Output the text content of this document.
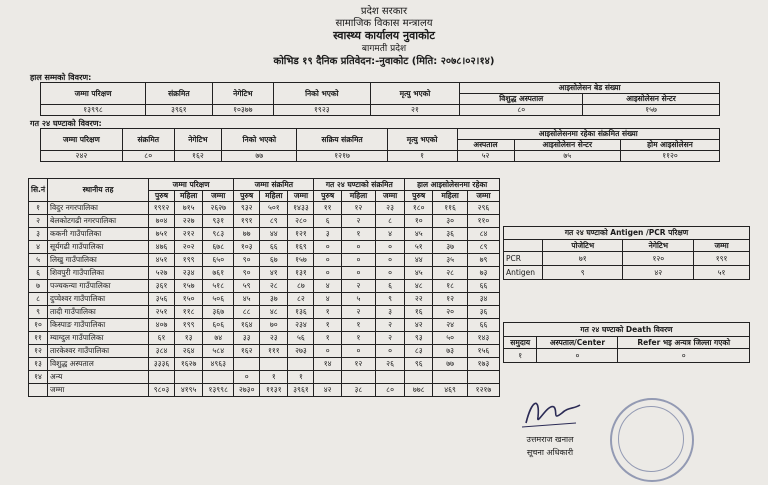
प्रदेश सरकार
सामाजिक विकास मन्त्रालय
स्वास्थ्य कार्यालय नुवाकोट
बागमती प्रदेश
कोभिड १९ दैनिक प्रतिवेदन:-नुवाकोट (मिति: २०७८।०२।१४)
हाल सम्मको विवरण:
जम्मा परिक्षण	संक्रमित	नेगेटिभ	निको भएको	मृत्यु भएको	आइसोलेसन बेड संख्या	
					विशुद्ध अस्पताल	आइसोलेसन सेन्टर
१३९९८	३९६१	१०३७७	१९२३	२१	८०	१५७
गत २४ घण्टाको विवरण:
जम्मा परिक्षण	संक्रमित	नेगेटिभ	निको भएको	सक्रिय संक्रमित	मृत्यु भएको	आइसोलेसनमा रहेका संक्रमित संख्या		
						अस्पताल	आइसोलेसन सेन्टर	होम आइसोलेसन
२४२	८०	१६२	७७	१२१७	१	५२	७५	११२०
सि.नं	स्थानीय तह	जम्मा परिक्षण			जम्मा संक्रमित			गत २४ घण्टाको संक्रमित			हाल आइसोलेसनमा रहेका		
		पुरुष	महिला	जम्मा	पुरुष	महिला	जम्मा	पुरुष	महिला	जम्मा	पुरुष	महिला	जम्मा
१	विदुर नगरपालिका	१९१२	७१५	२६२७	९३२	५०१	१४३३	११	१२	२३	१८०	११६	२९६
२	बेलकोटगढी नगरपालिका	७०४	२२७	९३१	१९१	८९	२८०	६	२	८	१०	३०	११०
३	ककनी गाउँपालिका	७५१	२१२	९८३	७७	४४	१२१	३	१	४	४५	३६	८४
४	सूर्यगढी गाउँपालिका	४७६	२०२	६७८	१०३	६६	१६९	०	०	०	५१	३७	८९
५	लिखु गाउँपालिका	४५१	१९९	६५०	९०	६७	१५७	०	०	०	४४	३५	७९
६	शिवपुरी गाउँपालिका	५२७	२३४	७६१	९०	४१	१३१	०	०	०	४५	२८	७३
७	पञ्चकन्या गाउँपालिका	३६१	१५७	५१८	५९	२८	८७	४	२	६	४८	१८	६६
८	दुप्चेश्वर गाउँपालिका	३५६	१५०	५०६	४५	३७	८२	४	५	९	२२	१२	३४
९	तादी गाउँपालिका	२५१	११८	३६७	८८	४८	१३६	१	२	३	१६	२०	३६
१०	किस्पाङ गाउँपालिका	४०७	१९९	६०६	१६४	७०	२३४	१	१	२	४२	२४	६६
११	म्याग्दुल गाउँपालिका	६१	१३	७४	३३	२३	५६	१	१	२	९३	५०	१४३
१२	तारकेश्वर गाउँपालिका	३८४	२६४	५८४	१६२	१११	२७३	०	०	०	८३	७३	१५६
१३	विशुद्ध अस्पताल	३३३६	१६२७	४९६३				१४	१२	२६	९६	७७	१७३
१४	अन्य				०	१	१						
	जम्मा	९८०३	४१९५	१३९९८	२७३०	११३१	३९६१	४२	३८	८०	७७८	४६९	१२१७
गत २४ घण्टाको Antigen /PCR परिक्षण			
	पोजेटिभ	नेगेटिभ	जम्मा
PCR	७१	१२०	१९१
Antigen	९	४२	५१
गत २४ घण्टाको Death विवरण		
समुदाय	अस्पताल/Center	Refer भइ अन्यत्र जिल्ला गएको
१	०	०
उत्तमराज खनाल
सूचना अधिकारी
